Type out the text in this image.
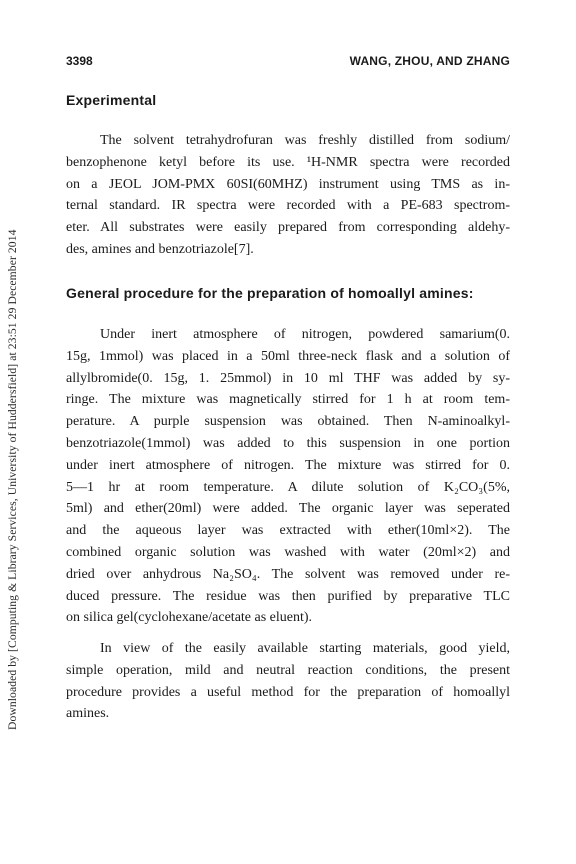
Downloaded by [Computing & Library Services, University of Huddersfield] at 23:51 29 December 2014
3398	WANG, ZHOU, AND ZHANG
Experimental
The solvent tetrahydrofuran was freshly distilled from sodium/
benzophenone ketyl before its use. ¹H-NMR spectra were recorded
on a JEOL JOM-PMX 60SI(60MHZ) instrument using TMS as in-
ternal standard. IR spectra were recorded with a PE-683 spectrom-
eter. All substrates were easily prepared from corresponding aldehy-
des, amines and benzotriazole[7].
General procedure for the preparation of homoallyl amines:
Under inert atmosphere of nitrogen, powdered samarium(0.
15g, 1mmol) was placed in a 50ml three-neck flask and a solution of
allylbromide(0. 15g, 1. 25mmol) in 10 ml THF was added by sy-
ringe. The mixture was magnetically stirred for 1 h at room tem-
perature. A purple suspension was obtained. Then N-aminoalkyl-
benzotriazole(1mmol) was added to this suspension in one portion
under inert atmosphere of nitrogen. The mixture was stirred for 0.
5—1 hr at room temperature. A dilute solution of K₂CO₃(5%,
5ml) and ether(20ml) were added. The organic layer was seperated
and the aqueous layer was extracted with ether(10ml×2). The
combined organic solution was washed with water (20ml×2) and
dried over anhydrous Na₂SO₄. The solvent was removed under re-
duced pressure. The residue was then purified by preparative TLC
on silica gel(cyclohexane/acetate as eluent).
In view of the easily available starting materials, good yield,
simple operation, mild and neutral reaction conditions, the present
procedure provides a useful method for the preparation of homoallyl
amines.
